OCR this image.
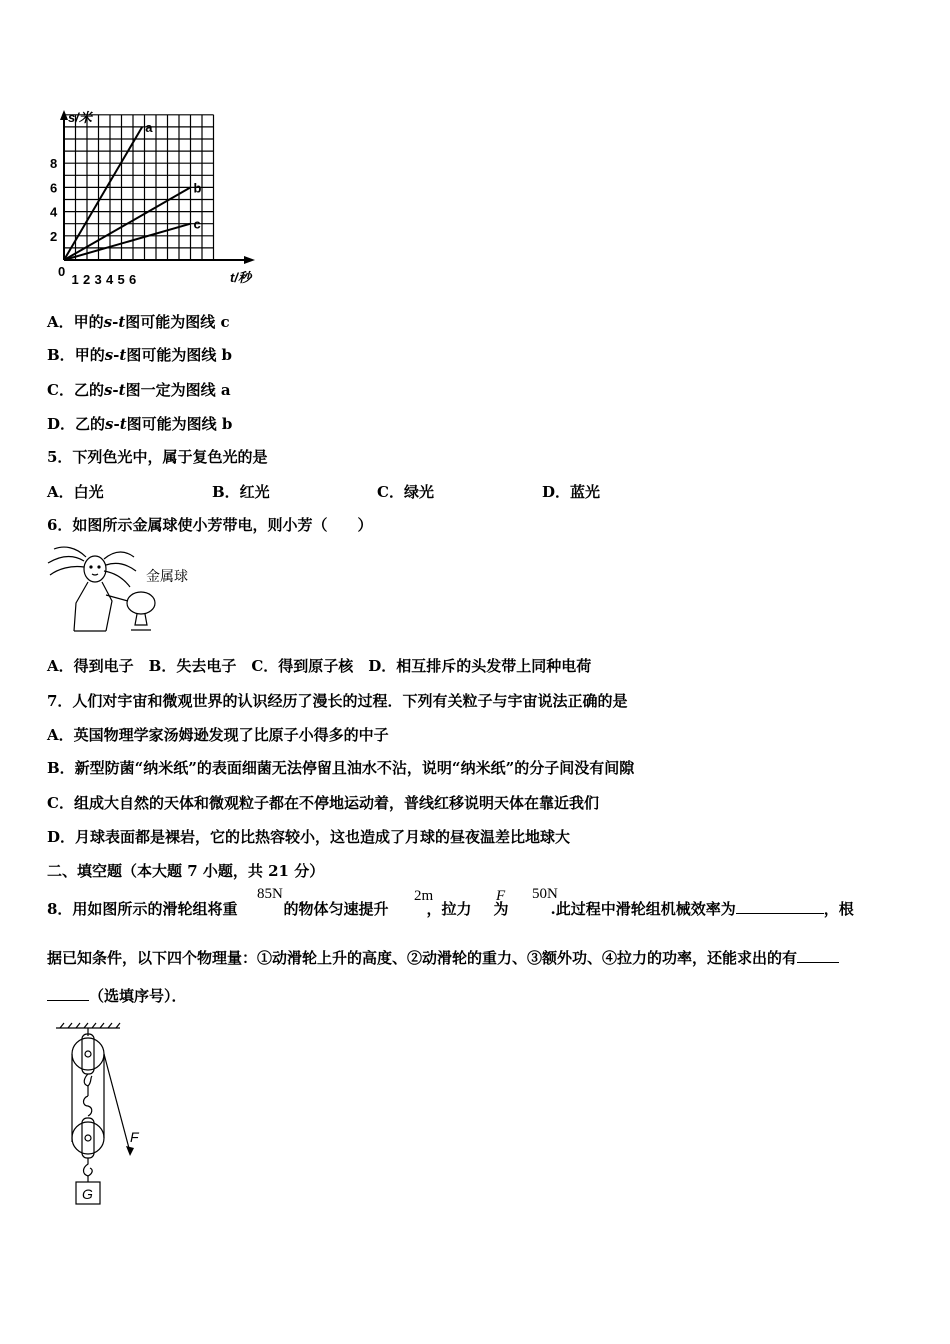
s/米
t/秒
0
2
4
6
8
1 2 3 4 5 6
a
b
c
A．甲的s-t图可能为图线 c
B．甲的s-t图可能为图线 b
C．乙的s-t图一定为图线 a
D．乙的s-t图可能为图线 b
5．下列色光中，属于复色光的是
A．白光	B．红光	C．绿光	D．蓝光
6．如图所示金属球使小芳带电，则小芳（　　）
金属球
A．得到电子　B．失去电子　C．得到原子核　D．相互排斥的头发带上同种电荷
7．人们对宇宙和微观世界的认识经历了漫长的过程．下列有关粒子与宇宙说法正确的是
A．英国物理学家汤姆逊发现了比原子小得多的中子
B．新型防菌“纳米纸”的表面细菌无法停留且油水不沾，说明“纳米纸”的分子间没有间隙
C．组成大自然的天体和微观粒子都在不停地运动着，普线红移说明天体在靠近我们
D．月球表面都是裸岩，它的比热容较小，这也造成了月球的昼夜温差比地球大
二、填空题（本大题 7 小题，共 21 分）
8．用如图所示的滑轮组将重	的物体匀速提升	，拉力 为	.此过程中滑轮组机械效率为	，根
85N	2m	F 50N
据已知条件，以下四个物理量：①动滑轮上升的高度、②动滑轮的重力、③额外功、④拉力的功率，还能求出的有
（选填序号）．
F
G
